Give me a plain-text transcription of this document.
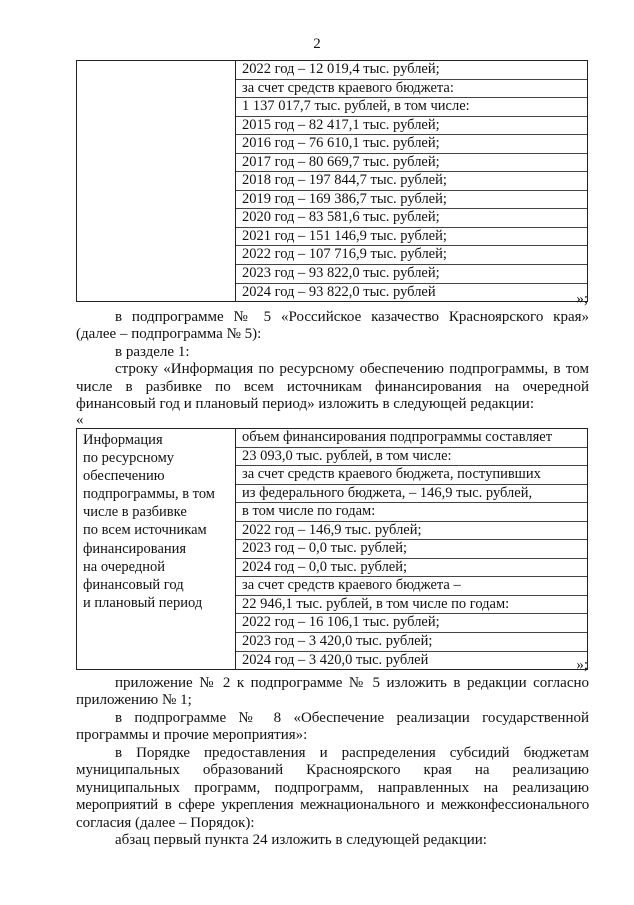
2

2022 год – 12 019,4 тыс. рублей;
за счет средств краевого бюджета:
1 137 017,7 тыс. рублей, в том числе:
2015 год – 82 417,1 тыс. рублей;
2016 год – 76 610,1 тыс. рублей;
2017 год – 80 669,7 тыс. рублей;
2018 год – 197 844,7 тыс. рублей;
2019 год – 169 386,7 тыс. рублей;
2020 год – 83 581,6 тыс. рублей;
2021 год – 151 146,9 тыс. рублей;
2022 год – 107 716,9 тыс. рублей;
2023 год – 93 822,0 тыс. рублей;
2024 год – 93 822,0 тыс. рублей	»;
в подпрограмме № 5 «Российское казачество Красноярского края»
(далее – подпрограмма № 5):
в разделе 1:
строку «Информация по ресурсному обеспечению подпрограммы, в том
числе в разбивке по всем источникам финансирования на очередной
финансовый год и плановый период» изложить в следующей редакции:
«
Информация
по ресурсному
обеспечению
подпрограммы, в том
числе в разбивке
по всем источникам
финансирования
на очередной
финансовый год
и плановый период

объем финансирования подпрограммы составляет
23 093,0 тыс. рублей, в том числе:
за счет средств краевого бюджета, поступивших
из федерального бюджета, – 146,9 тыс. рублей,
в том числе по годам:
2022 год – 146,9 тыс. рублей;
2023 год – 0,0 тыс. рублей;
2024 год – 0,0 тыс. рублей;
за счет средств краевого бюджета –
22 946,1 тыс. рублей, в том числе по годам:
2022 год – 16 106,1 тыс. рублей;
2023 год – 3 420,0 тыс. рублей;
2024 год – 3 420,0 тыс. рублей	»;
приложение № 2 к подпрограмме № 5 изложить в редакции согласно
приложению № 1;
в подпрограмме № 8 «Обеспечение реализации государственной
программы и прочие мероприятия»:
в Порядке предоставления и распределения субсидий бюджетам
муниципальных образований Красноярского края на реализацию
муниципальных программ, подпрограмм, направленных на реализацию
мероприятий в сфере укрепления межнационального и межконфессионального
согласия (далее – Порядок):
абзац первый пункта 24 изложить в следующей редакции:
